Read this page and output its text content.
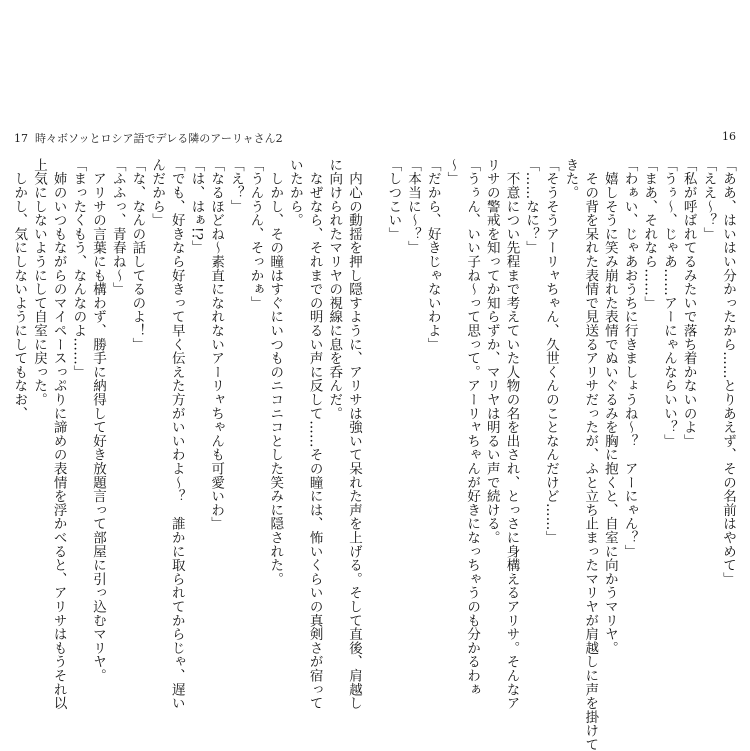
17 時々ボソッとロシア語でデレる隣のアーリャさん2	16
「ああ、はいはい分かったから……とりあえず、その名前はやめて」
「ええ〜？」
「私が呼ばれてるみたいで落ち着かないのよ」
「うぅ〜、じゃあ……アーにゃんならいい？」
「まあ、それなら……」
「わぁい、じゃあおうちに行きましょうね〜？　アーにゃん？」
　嬉しそうに笑み崩れた表情でぬいぐるみを胸に抱くと、自室に向かうマリヤ。
　その背を呆れた表情で見送るアリサだったが、ふと立ち止まったマリヤが肩越しに声を掛けて
きた。
「そうそうアーリャちゃん、久世くんのことなんだけど……」
「……なに？」
　不意につい先程まで考えていた人物の名を出され、とっさに身構えるアリサ。そんなア
リサの警戒を知ってか知らずか、マリヤは明るい声で続ける。
「うぅん、いい子ね〜って思って。アーリャちゃんが好きになっちゃうのも分かるわぁ
〜」
「だから、好きじゃないわよ」
「本当に〜？」
「しつこい」
　内心の動揺を押し隠すように、アリサは強いて呆れた声を上げる。そして直後、肩越し
に向けられたマリヤの視線に息を呑んだ。
　なぜなら、それまでの明るい声に反して……その瞳には、怖いくらいの真剣さが宿って
いたから。
　しかし、その瞳はすぐにいつものニコニコとした笑みに隠された。
「うんうん、そっかぁ」
「え？」
「なるほどね〜素直になれないアーリャちゃんも可愛いわ」
「は、はぁ!?」
「でも、好きなら好きって早く伝えた方がいいわよ〜？　誰かに取られてからじゃ、遅い
んだから」
「な、なんの話してるのよ！」
「ふふっ、青春ね〜」
　アリサの言葉にも構わず、勝手に納得して好き放題言って部屋に引っ込むマリヤ。
「まったくもう、なんなのよ……」
　姉のいつもながらのマイペースっぷりに諦めの表情を浮かべると、アリサはもうそれ以
上気にしないようにして自室に戻った。
　しかし、気にしないようにしてもなお、
